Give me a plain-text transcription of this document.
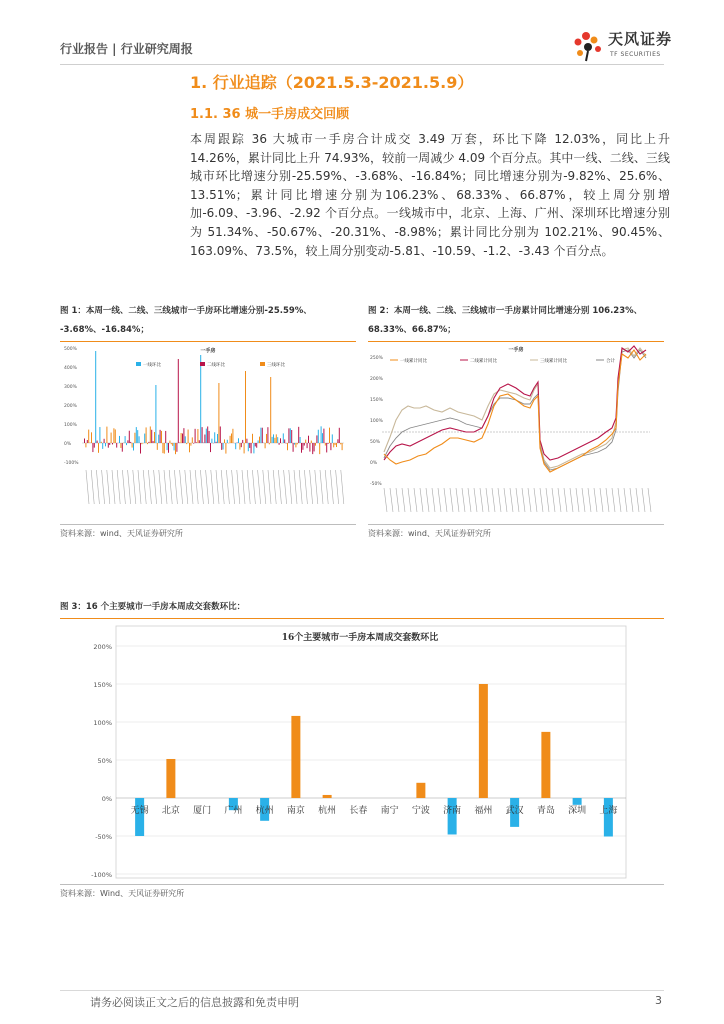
行业报告 | 行业研究周报
天风证券
TF SECURITIES
1. 行业追踪（2021.5.3-2021.5.9）
1.1. 36 城一手房成交回顾
本周跟踪 36 大城市一手房合计成交 3.49 万套，环比下降 12.03%，同比上升 14.26%，累计同比上升 74.93%，较前一周减少 4.09 个百分点。其中一线、二线、三线城市环比增速分别-25.59%、-3.68%、-16.84%；同比增速分别为-9.82%、25.6%、13.51%；累计同比增速分别为106.23%、68.33%、66.87%，较上周分别增加-6.09、-3.96、-2.92 个百分点。一线城市中，北京、上海、广州、深圳环比增速分别为 51.34%、-50.67%、-20.31%、-8.98%；累计同比分别为 102.21%、90.45%、163.09%、73.5%，较上周分别变动-5.81、-10.59、-1.2、-3.43 个百分点。
图 1：本周一线、二线、三线城市一手房环比增速分别-25.59%、
-3.68%、-16.84%；
500%
400%
300%
200%
100%
0%
-100%
一手房
一线环比	二线环比	三线环比
资料来源：wind、天风证券研究所
图 2：本周一线、二线、三线城市一手房累计同比增速分别 106.23%、
68.33%、66.87%；
250%
200%
150%
100%
50%
0%
-50%
一手房
一线累计同比	二线累计同比	三线累计同比	合计
资料来源：wind、天风证券研究所
图 3：16 个主要城市一手房本周成交套数环比：
16个主要城市一手房本周成交套数环比
200%
150%
100%
50%
0%
-50%
-100%
无锡 北京 厦门 广州 杭州 南京 杭州 长春 南宁 宁波 济南 福州 武汉 青岛 深圳 上海
资料来源：Wind、天风证券研究所
请务必阅读正文之后的信息披露和免责申明	3
